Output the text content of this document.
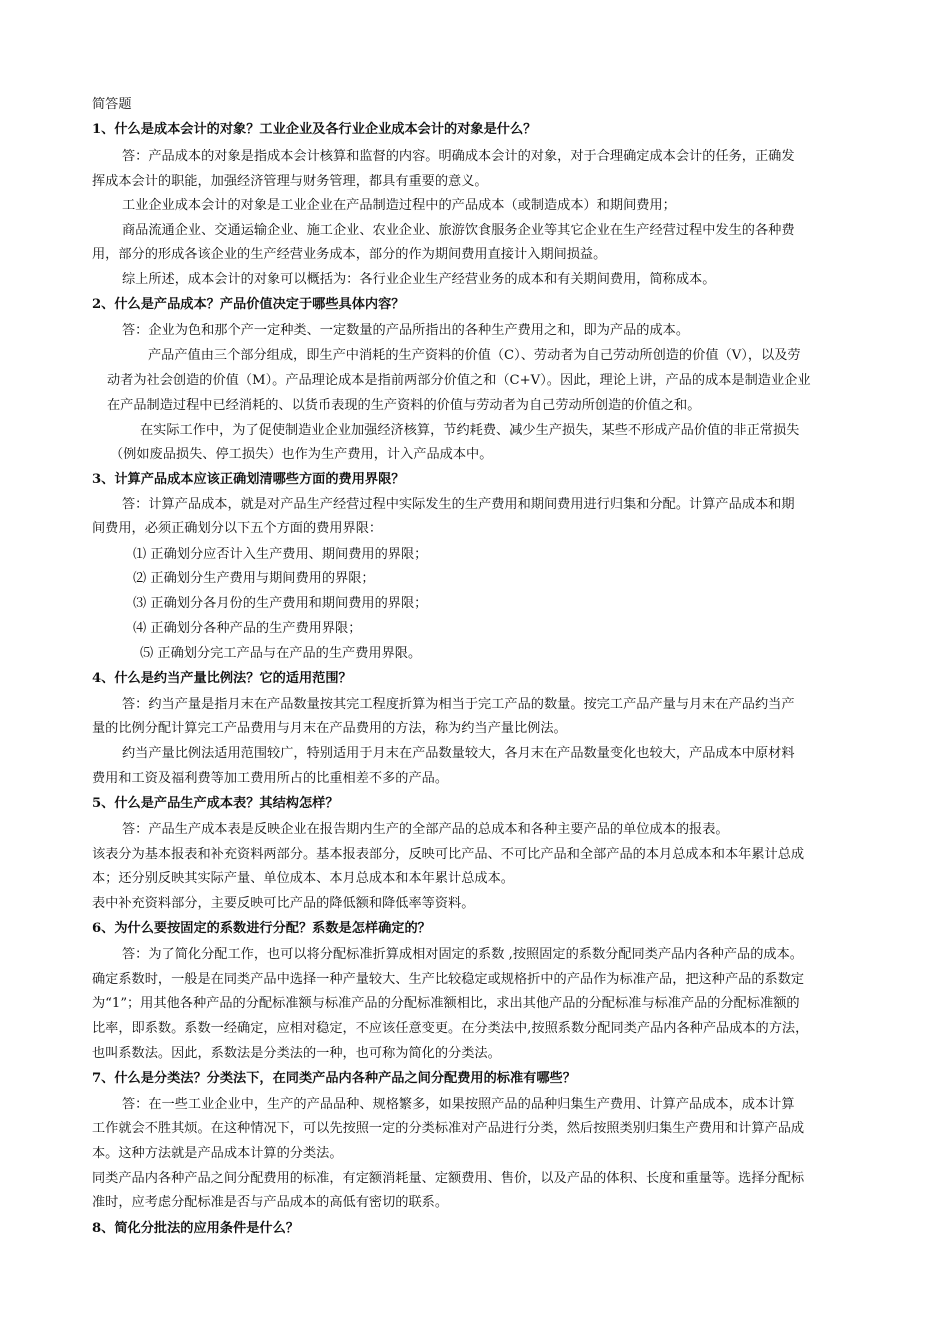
简答题
1、什么是成本会计的对象？工业企业及各行业企业成本会计的对象是什么？
答：产品成本的对象是指成本会计核算和监督的内容。明确成本会计的对象，对于合理确定成本会计的任务，正确发
挥成本会计的职能，加强经济管理与财务管理，都具有重要的意义。
工业企业成本会计的对象是工业企业在产品制造过程中的产品成本（或制造成本）和期间费用；
商品流通企业、交通运输企业、施工企业、农业企业、旅游饮食服务企业等其它企业在生产经营过程中发生的各种费
用，部分的形成各该企业的生产经营业务成本，部分的作为期间费用直接计入期间损益。
综上所述，成本会计的对象可以概括为：各行业企业生产经营业务的成本和有关期间费用，简称成本。
2、什么是产品成本？产品价值决定于哪些具体内容？
答：企业为色和那个产一定种类、一定数量的产品所指出的各种生产费用之和，即为产品的成本。
产品产值由三个部分组成，即生产中消耗的生产资料的价值（C）、劳动者为自己劳动所创造的价值（V），以及劳
动者为社会创造的价值（M）。产品理论成本是指前两部分价值之和（C+V）。因此，理论上讲，产品的成本是制造业企业
在产品制造过程中已经消耗的、以货币表现的生产资料的价值与劳动者为自己劳动所创造的价值之和。
在实际工作中，为了促使制造业企业加强经济核算，节约耗费、减少生产损失，某些不形成产品价值的非正常损失
（例如废品损失、停工损失）也作为生产费用，计入产品成本中。
3、计算产品成本应该正确划清哪些方面的费用界限？
答：计算产品成本，就是对产品生产经营过程中实际发生的生产费用和期间费用进行归集和分配。计算产品成本和期
间费用，必须正确划分以下五个方面的费用界限：
⑴ 正确划分应否计入生产费用、期间费用的界限；
⑵ 正确划分生产费用与期间费用的界限；
⑶ 正确划分各月份的生产费用和期间费用的界限；
⑷ 正确划分各种产品的生产费用界限；
⑸ 正确划分完工产品与在产品的生产费用界限。
4、什么是约当产量比例法？它的适用范围？
答：约当产量是指月末在产品数量按其完工程度折算为相当于完工产品的数量。按完工产品产量与月末在产品约当产
量的比例分配计算完工产品费用与月末在产品费用的方法，称为约当产量比例法。
约当产量比例法适用范围较广，特别适用于月末在产品数量较大，各月末在产品数量变化也较大，产品成本中原材料
费用和工资及福利费等加工费用所占的比重相差不多的产品。
5、什么是产品生产成本表？其结构怎样？
答：产品生产成本表是反映企业在报告期内生产的全部产品的总成本和各种主要产品的单位成本的报表。
该表分为基本报表和补充资料两部分。基本报表部分，反映可比产品、不可比产品和全部产品的本月总成本和本年累计总成
本；还分别反映其实际产量、单位成本、本月总成本和本年累计总成本。
表中补充资料部分，主要反映可比产品的降低额和降低率等资料。
6、为什么要按固定的系数进行分配？系数是怎样确定的？
答：为了简化分配工作，也可以将分配标准折算成相对固定的系数 ,按照固定的系数分配同类产品内各种产品的成本。
确定系数时，一般是在同类产品中选择一种产量较大、生产比较稳定或规格折中的产品作为标准产品，把这种产品的系数定
为“1”；用其他各种产品的分配标准额与标准产品的分配标准额相比，求出其他产品的分配标准与标准产品的分配标准额的
比率，即系数。系数一经确定，应相对稳定，不应该任意变更。在分类法中,按照系数分配同类产品内各种产品成本的方法，
也叫系数法。因此，系数法是分类法的一种，也可称为简化的分类法。
7、什么是分类法？分类法下，在同类产品内各种产品之间分配费用的标准有哪些？
答：在一些工业企业中，生产的产品品种、规格繁多，如果按照产品的品种归集生产费用、计算产品成本，成本计算
工作就会不胜其烦。在这种情况下，可以先按照一定的分类标准对产品进行分类，然后按照类别归集生产费用和计算产品成
本。这种方法就是产品成本计算的分类法。
同类产品内各种产品之间分配费用的标准，有定额消耗量、定额费用、售价，以及产品的体积、长度和重量等。选择分配标
准时，应考虑分配标准是否与产品成本的高低有密切的联系。
8、简化分批法的应用条件是什么？
